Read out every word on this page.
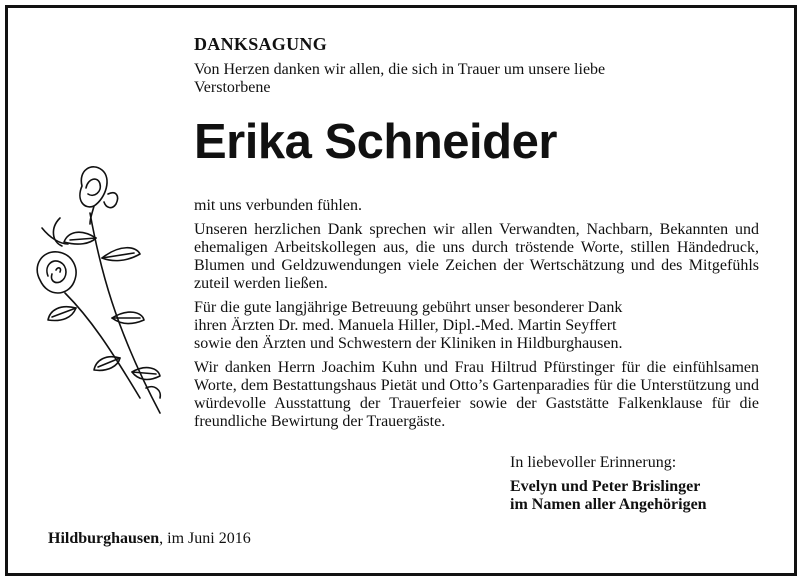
DANKSAGUNG
Von Herzen danken wir allen, die sich in Trauer um unsere liebe
Verstorbene
Erika Schneider

mit uns verbunden fühlen.

Unseren herzlichen Dank sprechen wir allen Verwandten, Nachbarn, Bekannten und ehemaligen Arbeitskollegen aus, die uns durch tröstende Worte, stillen Händedruck, Blumen und Geldzuwendungen viele Zeichen der Wertschätzung und des Mitgefühls zuteil werden ließen.

Für die gute langjährige Betreuung gebührt unser besonderer Dank
ihren Ärzten Dr. med. Manuela Hiller, Dipl.-Med. Martin Seyffert
sowie den Ärzten und Schwestern der Kliniken in Hildburghausen.

Wir danken Herrn Joachim Kuhn und Frau Hiltrud Pfürstinger für die einfühlsamen Worte, dem Bestattungshaus Pietät und Otto’s Gartenparadies für die Unterstützung und würdevolle Ausstattung der Trauerfeier sowie der Gaststätte Falkenklause für die freundliche Bewirtung der Trauergäste.

In liebevoller Erinnerung:
Evelyn und Peter Brislinger
im Namen aller Angehörigen
Hildburghausen, im Juni 2016
